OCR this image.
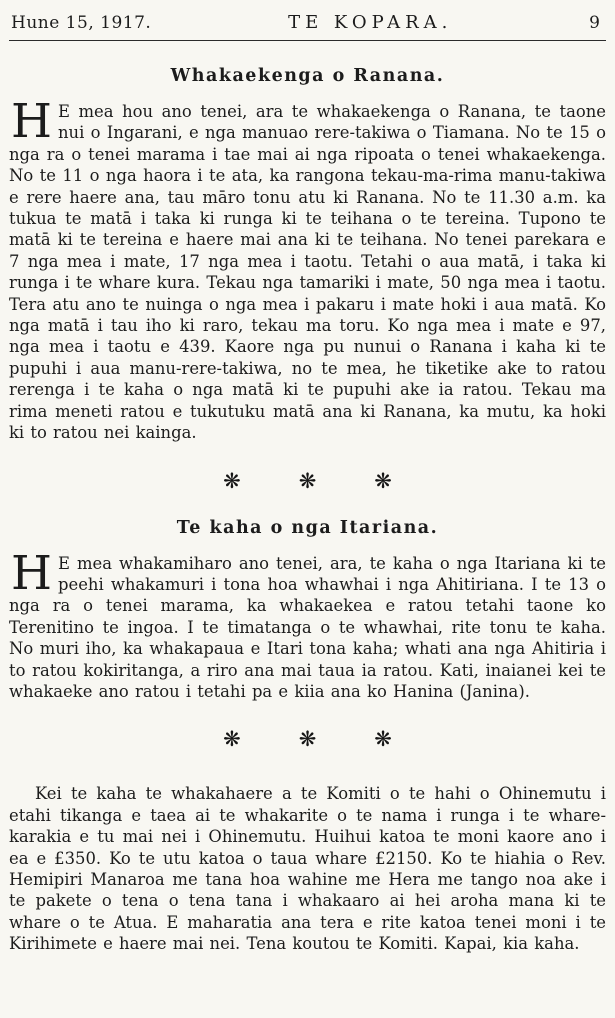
Hune 15, 1917.	TE KOPARA.	9
Whakaekenga o Ranana.

H E mea hou ano tenei, ara te whakaekenga o Ranana, te taone nui o Ingarani, e nga manuao rere-takiwa o Tiamana. No te 15 o nga ra o tenei marama i tae mai ai nga ripoata o tenei whakaekenga. No te 11 o nga haora i te ata, ka rangona tekau-ma-rima manu-takiwa e rere haere ana, tau māro tonu atu ki Ranana. No te 11.30 a.m. ka tukua te matā i taka ki runga ki te teihana o te tereina. Tupono te matā ki te tereina e haere mai ana ki te teihana. No tenei parekara e 7 nga mea i mate, 17 nga mea i taotu. Tetahi o aua matā, i taka ki runga i te whare kura. Tekau nga tamariki i mate, 50 nga mea i taotu. Tera atu ano te nuinga o nga mea i pakaru i mate hoki i aua matā. Ko nga matā i tau iho ki raro, tekau ma toru. Ko nga mea i mate e 97, nga mea i taotu e 439. Kaore nga pu nunui o Ranana i kaha ki te pupuhi i aua manu-rere-takiwa, no te mea, he tiketike ake to ratou rerenga i te kaha o nga matā ki te pupuhi ake ia ratou. Tekau ma rima meneti ratou e tukutuku matā ana ki Ranana, ka mutu, ka hoki ki to ratou nei kainga.

❋	❋	❋
Te kaha o nga Itariana.

H E mea whakamiharo ano tenei, ara, te kaha o nga Itariana ki te peehi whakamuri i tona hoa whawhai i nga Ahitiriana. I te 13 o nga ra o tenei marama, ka whakaekea e ratou tetahi taone ko Terenitino te ingoa. I te timatanga o te whawhai, rite tonu te kaha. No muri iho, ka whakapaua e Itari tona kaha; whati ana nga Ahitiria i to ratou kokiritanga, a riro ana mai taua ia ratou. Kati, inaianei kei te whakaeke ano ratou i tetahi pa e kiia ana ko Hanina (Janina).

❋	❋	❋

Kei te kaha te whakahaere a te Komiti o te hahi o Ohinemutu i etahi tikanga e taea ai te whakarite o te nama i runga i te whare-karakia e tu mai nei i Ohinemutu. Huihui katoa te moni kaore ano i ea e £350. Ko te utu katoa o taua whare £2150. Ko te hiahia o Rev. Hemipiri Manaroa me tana hoa wahine me Hera me tango noa ake i te pakete o tena o tena tana i whakaaro ai hei aroha mana ki te whare o te Atua. E maharatia ana tera e rite katoa tenei moni i te Kirihimete e haere mai nei. Tena koutou te Komiti. Kapai, kia kaha.
